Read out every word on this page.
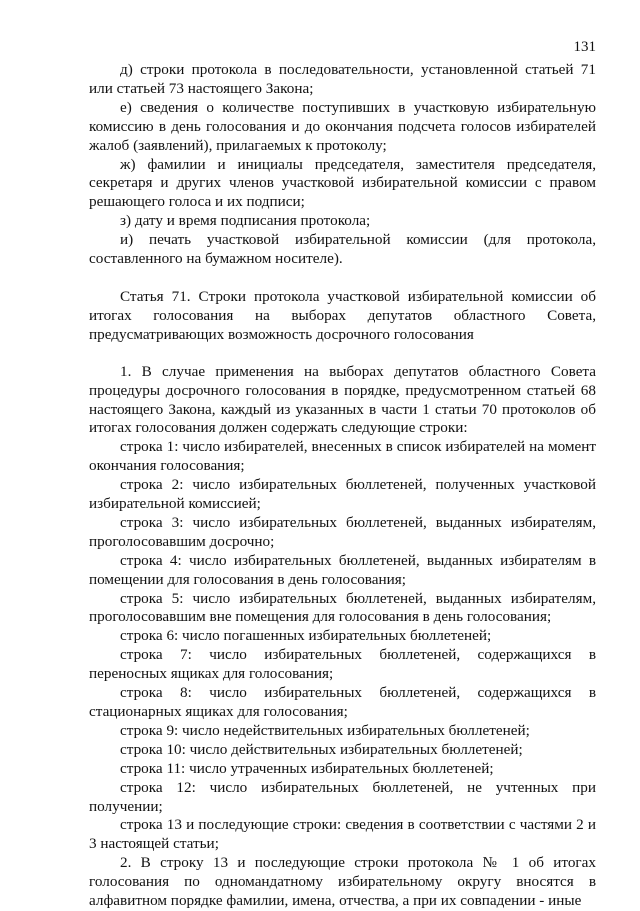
131

д) строки протокола в последовательности, установленной статьей 71 или статьей 73 настоящего Закона;

е) сведения о количестве поступивших в участковую избирательную комиссию в день голосования и до окончания подсчета голосов избирателей жалоб (заявлений), прилагаемых к протоколу;

ж) фамилии и инициалы председателя, заместителя председателя, секретаря и других членов участковой избирательной комиссии с правом решающего голоса и их подписи;

з) дату и время подписания протокола;

и) печать участковой избирательной комиссии (для протокола, составленного на бумажном носителе).

Статья 71. Строки протокола участковой избирательной комиссии об итогах голосования на выборах депутатов областного Совета, предусматривающих возможность досрочного голосования

1. В случае применения на выборах депутатов областного Совета процедуры досрочного голосования в порядке, предусмотренном статьей 68 настоящего Закона, каждый из указанных в части 1 статьи 70 протоколов об итогах голосования должен содержать следующие строки:

строка 1: число избирателей, внесенных в список избирателей на момент окончания голосования;

строка 2: число избирательных бюллетеней, полученных участковой избирательной комиссией;

строка 3: число избирательных бюллетеней, выданных избирателям, проголосовавшим досрочно;

строка 4: число избирательных бюллетеней, выданных избирателям в помещении для голосования в день голосования;

строка 5: число избирательных бюллетеней, выданных избирателям, проголосовавшим вне помещения для голосования в день голосования;

строка 6: число погашенных избирательных бюллетеней;

строка 7: число избирательных бюллетеней, содержащихся в переносных ящиках для голосования;

строка 8: число избирательных бюллетеней, содержащихся в стационарных ящиках для голосования;

строка 9: число недействительных избирательных бюллетеней;

строка 10: число действительных избирательных бюллетеней;

строка 11: число утраченных избирательных бюллетеней;

строка 12: число избирательных бюллетеней, не учтенных при получении;

строка 13 и последующие строки: сведения в соответствии с частями 2 и 3 настоящей статьи;

2. В строку 13 и последующие строки протокола № 1 об итогах голосования по одномандатному избирательному округу вносятся в алфавитном порядке фамилии, имена, отчества, а при их совпадении - иные
